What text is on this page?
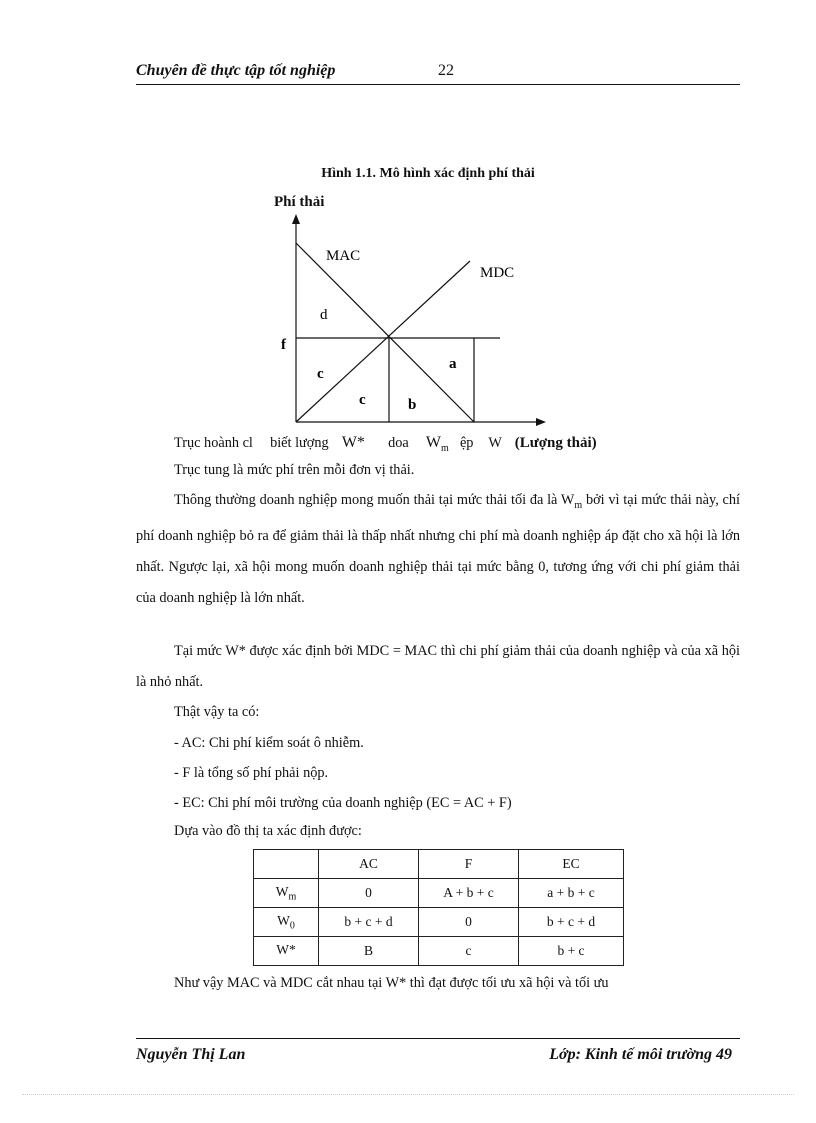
Chuyên đề thực tập tốt nghiệp	22
Hình 1.1. Mô hình xác định phí thải
Phí thải
MAC
MDC
f
d
c
c
a
b
Trục hoành cl biết lượng W* doa $W_m$ ệp W (Lượng thải)
Trục tung là mức phí trên mỗi đơn vị thải.

Thông thường doanh nghiệp mong muốn thải tại mức thải tối đa là $W_m$ bởi vì tại mức thải này, chí phí doanh nghiệp bỏ ra để giảm thải là thấp nhất nhưng chi phí mà doanh nghiệp áp đặt cho xã hội là lớn nhất. Ngược lại, xã hội mong muốn doanh nghiệp thải tại mức bằng 0, tương ứng với chi phí giảm thải của doanh nghiệp là lớn nhất.

Tại mức W* được xác định bởi MDC = MAC thì chi phí giảm thải của doanh nghiệp và của xã hội là nhỏ nhất.

Thật vậy ta có:
- AC: Chi phí kiểm soát ô nhiễm.
- F là tổng số phí phải nộp.
- EC: Chi phí môi trường của doanh nghiệp (EC = AC + F)
Dựa vào đồ thị ta xác định được:
	AC	F	EC
$W_m$	0	A + b + c	a + b + c
$W_0$	b + c + d	0	b + c + d
W*	B	c	b + c
Như vậy MAC và MDC cắt nhau tại W* thì đạt được tối ưu xã hội và tối ưu
Nguyễn Thị Lan	Lớp: Kinh tế môi trường 49
